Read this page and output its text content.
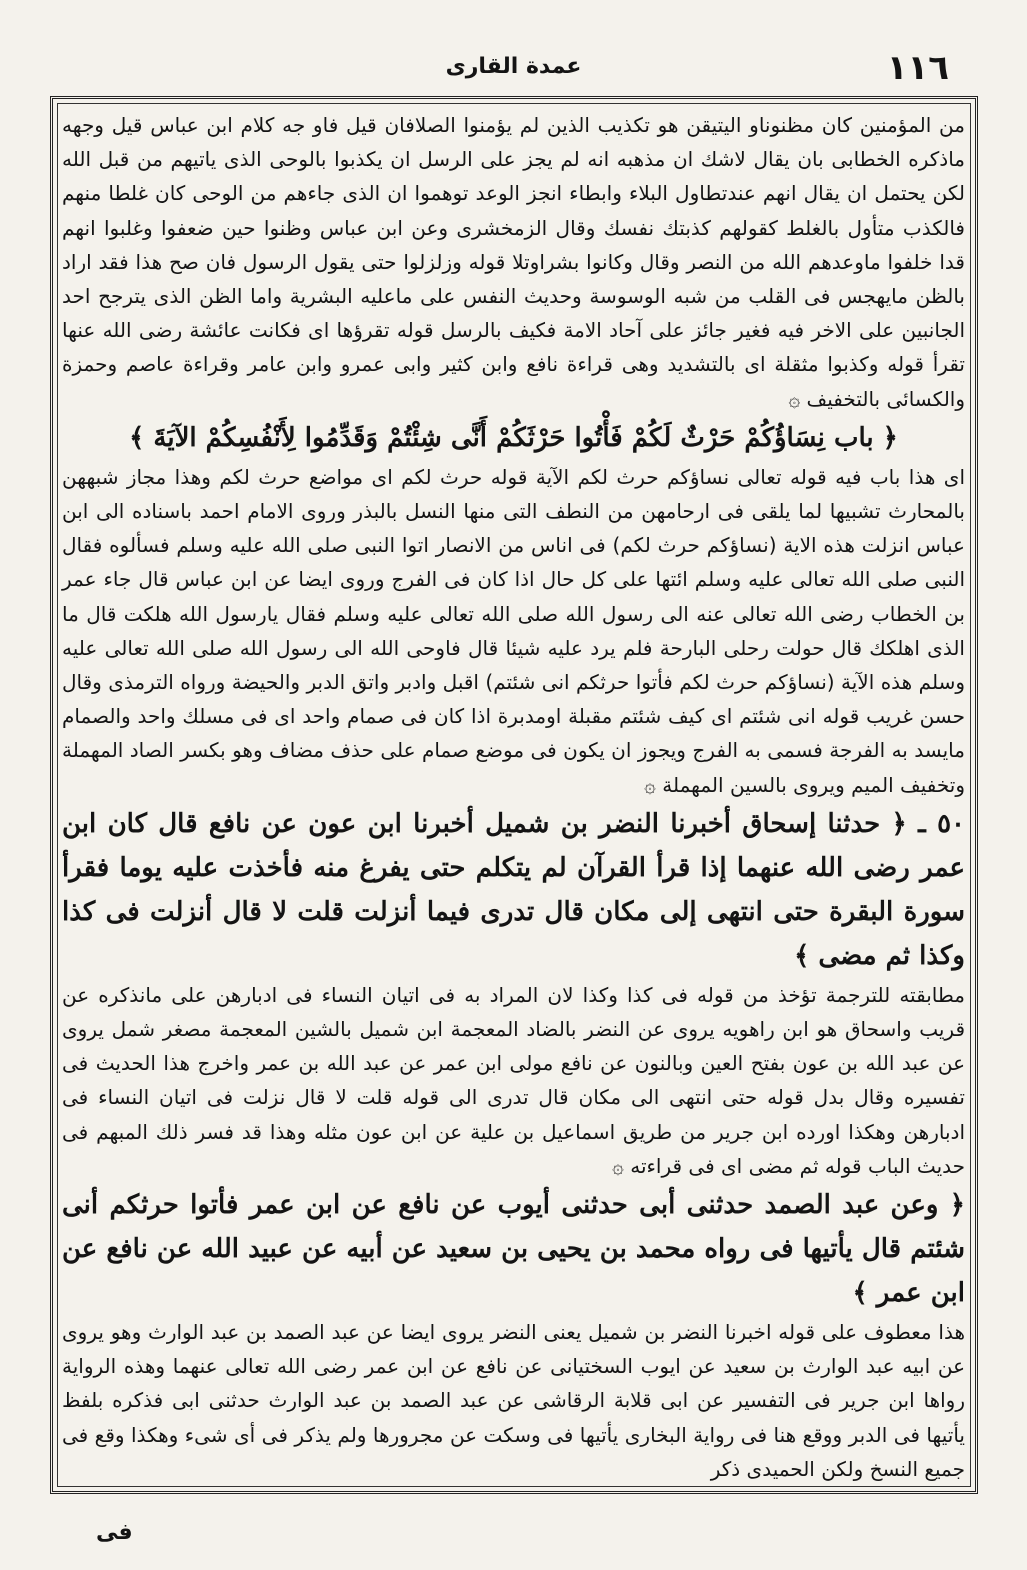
١١٦
عمدة القاری

من المؤمنين كان مظنوناو اليتيقن هو تكذيب الذين لم يؤمنوا الصلافان قيل فاو جه كلام ابن عباس قيل وجهه ماذكره الخطابى بان يقال لاشك ان مذهبه انه لم يجز على الرسل ان يكذبوا بالوحى الذى ياتيهم من قبل الله لكن يحتمل ان يقال انهم عندتطاول البلاء وابطاء انجز الوعد توهموا ان الذى جاءهم من الوحى كان غلطا منهم فالكذب متأول بالغلط كقولهم كذبتك نفسك وقال الزمخشرى وعن ابن عباس وظنوا حين ضعفوا وغلبوا انهم قدا خلفوا ماوعدهم الله من النصر وقال وكانوا بشراوتلا قوله وزلزلوا حتى يقول الرسول فان صح هذا فقد اراد بالظن مايهجس فى القلب من شبه الوسوسة وحديث النفس على ماعليه البشرية واما الظن الذى يترجح احد الجانبين على الاخر فيه فغير جائز على آحاد الامة فكيف بالرسل قوله تقرؤها اى فكانت عائشة رضى الله عنها تقرأ قوله وكذبوا مثقلة اى بالتشديد وهى قراءة نافع وابن كثير وابى عمرو وابن عامر وقراءة عاصم وحمزة والكسائى بالتخفيف ۞

﴿ باب نِسَاؤُكُمْ حَرْثٌ لَكُمْ فَأْتُوا حَرْثَكُمْ أَنَّى شِئْتُمْ وَقَدِّمُوا لِأَنْفُسِكُمْ الآيَةَ ﴾

اى هذا باب فيه قوله تعالى نساؤكم حرث لكم الآية قوله حرث لكم اى مواضع حرث لكم وهذا مجاز شبههن بالمحارث تشبيها لما يلقى فى ارحامهن من النطف التى منها النسل بالبذر وروى الامام احمد باسناده الى ابن عباس انزلت هذه الاية (نساؤكم حرث لكم) فى اناس من الانصار اتوا النبى صلى الله عليه وسلم فسألوه فقال النبى صلى الله تعالى عليه وسلم ائتها على كل حال اذا كان فى الفرج وروى ايضا عن ابن عباس قال جاء عمر بن الخطاب رضى الله تعالى عنه الى رسول الله صلى الله تعالى عليه وسلم فقال يارسول الله هلكت قال ما الذى اهلكك قال حولت رحلى البارحة فلم يرد عليه شيئا قال فاوحى الله الى رسول الله صلى الله تعالى عليه وسلم هذه الآية (نساؤكم حرث لكم فأتوا حرثكم انى شئتم) اقبل وادبر واتق الدبر والحيضة ورواه الترمذى وقال حسن غريب قوله انى شئتم اى كيف شئتم مقبلة اومدبرة اذا كان فى صمام واحد اى فى مسلك واحد والصمام مايسد به الفرجة فسمى به الفرج ويجوز ان يكون فى موضع صمام على حذف مضاف وهو بكسر الصاد المهملة وتخفيف الميم ويروى بالسين المهملة ۞

٥٠ ـ ﴿ حدثنا إسحاق أخبرنا النضر بن شميل أخبرنا ابن عون عن نافع قال كان ابن عمر رضى الله عنهما إذا قرأ القرآن لم يتكلم حتى يفرغ منه فأخذت عليه يوما فقرأ سورة البقرة حتى انتهى إلى مكان قال تدرى فيما أنزلت قلت لا قال أنزلت فى كذا وكذا ثم مضى ﴾

مطابقته للترجمة تؤخذ من قوله فى كذا وكذا لان المراد به فى اتيان النساء فى ادبارهن على مانذكره عن قريب واسحاق هو ابن راهويه يروى عن النضر بالضاد المعجمة ابن شميل بالشين المعجمة مصغر شمل يروى عن عبد الله بن عون بفتح العين وبالنون عن نافع مولى ابن عمر عن عبد الله بن عمر واخرج هذا الحديث فى تفسيره وقال بدل قوله حتى انتهى الى مكان قال تدرى الى قوله قلت لا قال نزلت فى اتيان النساء فى ادبارهن وهكذا اورده ابن جرير من طريق اسماعيل بن علية عن ابن عون مثله وهذا قد فسر ذلك المبهم فى حديث الباب قوله ثم مضى اى فى قراءته ۞

﴿ وعن عبد الصمد حدثنى أبى حدثنى أيوب عن نافع عن ابن عمر فأتوا حرثكم أنى شئتم قال يأتيها فى رواه محمد بن يحيى بن سعيد عن أبيه عن عبيد الله عن نافع عن ابن عمر ﴾

هذا معطوف على قوله اخبرنا النضر بن شميل يعنى النضر يروى ايضا عن عبد الصمد بن عبد الوارث وهو يروى عن ابيه عبد الوارث بن سعيد عن ايوب السختيانى عن نافع عن ابن عمر رضى الله تعالى عنهما وهذه الرواية رواها ابن جرير فى التفسير عن ابى قلابة الرقاشى عن عبد الصمد بن عبد الوارث حدثنى ابى فذكره بلفظ يأتيها فى الدبر ووقع هنا فى رواية البخارى يأتيها فى وسكت عن مجرورها ولم يذكر فى أى شىء وهكذا وقع فى جميع النسخ ولكن الحميدى ذكر

فى
